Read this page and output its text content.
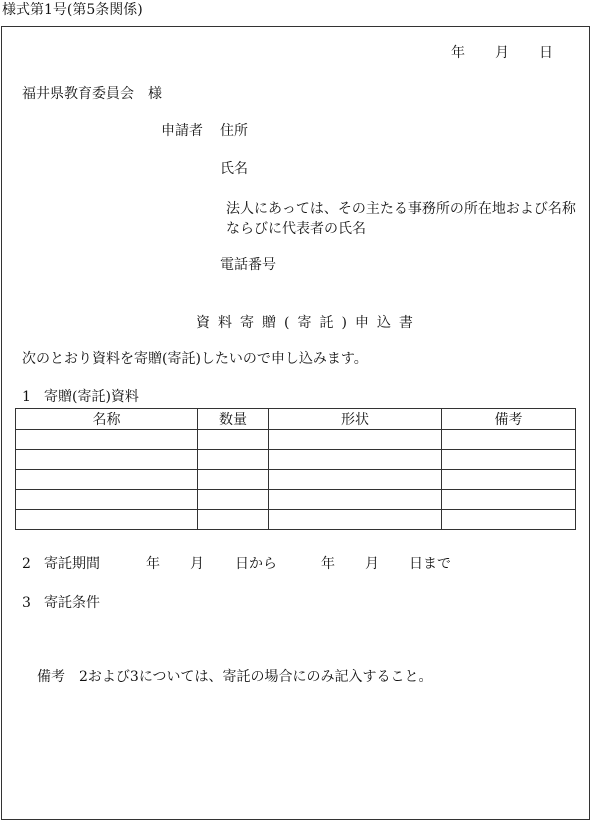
様式第1号(第5条関係)
年 月 日
福井県教育委員会　様
申請者 住所
氏名
法人にあっては、その主たる事務所の所在地および名称ならびに代表者の氏名
電話番号
資料寄贈(寄託)申込書
次のとおり資料を寄贈(寄託)したいので申し込みます。
1 寄贈(寄託)資料
名称	数量	形状	備考

2 寄託期間	年 月 日から	年 月 日まで
3 寄託条件
備考 2および3については、寄託の場合にのみ記入すること。
